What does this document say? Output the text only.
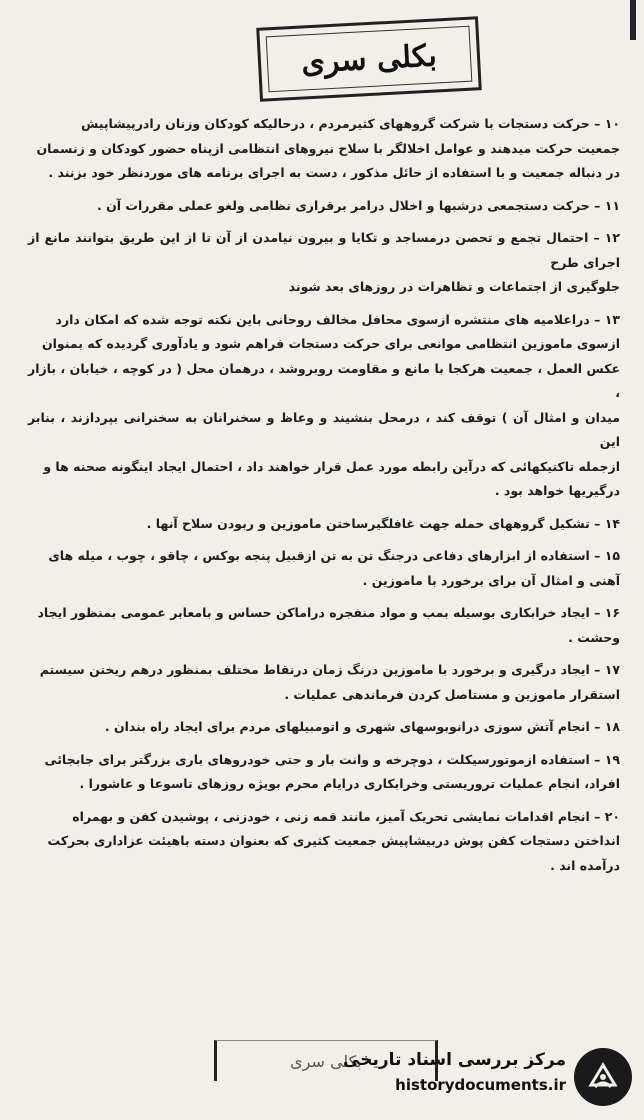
بکلی سری
۱۰ – حرکت دستجات با شرکت گروههای کثیرمردم ، درحالیکه کودکان وزنان رادرپیشاپیش
جمعیت حرکت میدهند و عوامل اخلالگر با سلاح نیروهای انتظامی ازپناه حضور کودکان و زنسمان
در دنباله جمعیت و با استفاده از حائل مذکور ، دست به اجرای برنامه های موردنظر خود بزنند .
۱۱ – حرکت دستجمعی درشبها و اخلال درامر برقراری نظامی ولغو عملی مقررات آن .
۱۲ – احتمال تجمع و تحصن درمساجد و تکایا و بیرون نیامدن از آن تا از این طریق بتوانند مانع از اجرای طرح
جلوگیری از اجتماعات و تظاهرات در روزهای بعد شوند
۱۳ – دراعلامیه های منتشره ازسوی محافل مخالف روحانی باین نکته توجه شده که امکان دارد
ازسوی ماموزین انتظامی موانعی برای حرکت دستجات فراهم شود و یادآوری گردیده که بمنوان
عکس العمل ، جمعیت هرکجا با مانع و مقاومت روبروشد ، درهمان محل ( در کوچه ، خیابان ، بازار ،
میدان و امثال آن ) توقف کند ، درمحل بنشیند و وعاظ و سخنرانان به سخنرانی بپردازند ، بنابر این
ازجمله تاکتیکهائی که درآین رابطه مورد عمل قرار خواهند داد ، احتمال ایجاد اینگونه صحنه ها و
درگیریها خواهد بود .
۱۴ – تشکیل گروههای حمله جهت غافلگیرساختن ماموزین و ربودن سلاح آنها .
۱۵ – استفاده از ابزارهای دفاعی درجنگ تن به تن ازقبیل پنجه بوکس ، چاقو ، چوب ، میله های
آهنی و امثال آن برای برخورد با ماموزین .
۱۶ – ایجاد خرابکاری بوسیله بمب و مواد منفجره دراماکن حساس و بامعابر عمومی بمنظور ایجاد
وحشت .
۱۷ – ایجاد درگیری و برخورد با ماموزین درنگ زمان درنقاط مختلف بمنظور درهم ریختن سیستم
استقرار ماموزین و مستاصل کردن فرماندهی عملیات .
۱۸ – انجام آتش سوزی درانوبوسهای شهری و اتومبیلهای مردم برای ایجاد راه بندان .
۱۹ – استفاده ازموتورسیکلت ، دوچرخه و وانت بار و حتی خودروهای باری بزرگتر برای جابجائی
افراد، انجام عملیات تروریستی وخرابکاری درایام محرم بویژه روزهای تاسوعا و عاشورا .
۲۰ – انجام اقدامات نمایشی تحریک آمیز، مانند قمه زنی ، خودزنی ، پوشیدن کفن و بهمراه
انداختن دستجات کفن پوش دربیشاپیش جمعیت کثیری که بعنوان دسته باهیئت عزاداری بحرکت
درآمده اند .
بکلی سری
مرکز بررسی اسناد تاریخی
historydocuments.ir
